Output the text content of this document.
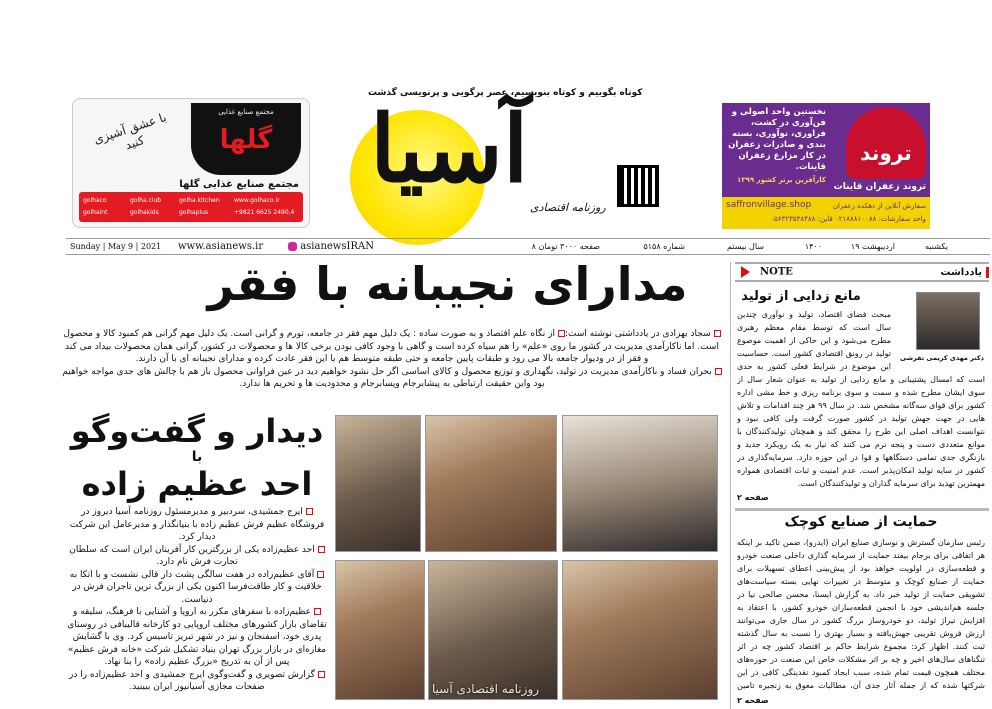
مجتمع صنایع غذایی
گلها
با عشق آشپزی کنید
مجتمع صنایع غذایی گلها
golhaco	golha.club	golha.kitchen	www.golhaco.ir
golhaint	golhakids	golhaplus	+9821 6625 2490,4
کوتاه بگوییم و کوتاه بنویسیم، عصر پرگویی و پرنویسی گذشت
آسیا
روزنامه اقتصادی
نخستین واحد اصولی و فن‌آوری در کشت، فراوری، نوآوری، بسته بندی و صادرات زعفران در کار مزارع زعفران قاینات.
کارآفرین برتر کشور ۱۳۹۹
تروند
تروند زعفران قاینات
سفارش آنلاین از دهکده زعفران
saffronvillage.shop
واحد سفارشات: ۰۲۱۸۸۸۱۰۰۸۸ قاین: ۰۵۶۳۲۳۵۳۸۴۸۸
یکشنبه
۱۹ اردیبهشت
۱۴۰۰
سال بیستم
شماره ۵۱۵۸
۸ صفحه ۳۰۰۰ تومان
asianewsIRAN
www.asianews.ir
Sunday | May 9 | 2021
مدارای نجیبانه با فقر
سجاد بهزادی در یادداشتی نوشته است:از نگاه علم اقتصاد و به صورت ساده : یک دلیل مهم فقر در جامعه، تورم و گرانی است. یک دلیل مهم گرانی هم کمبود کالا و محصول است. اما ناکارآمدی مدیریت در کشور ما روی «علم» را هم سیاه کرده است و گاهی با وجود کافی بودن برخی کالا ها و محصولات در کشور، گرانی همان محصولات بیداد می کند و فقر از در ودیوار جامعه بالا می رود و طبقات پایین جامعه و حتی طبقه متوسط هم با این فقر عادت کرده و مدارای نجیبانه ای با آن دارند.
بحران فساد و ناکارآمدی مدیریت در تولید، نگهداری و توزیع محصول و کالای اساسی اگر حل نشود خواهیم دید در عین فراوانی محصول باز هم با چالش های جدی مواجه خواهیم بود واین حقیقت ارتباطی به پیشابرجام وپسابرجام و محدودیت ها و تحریم ها ندارد.
دیدار و گفت‌وگو
با
احد عظیم زاده

ایرج جمشیدی، سردبیر و مدیرمسئول روزنامه آسیا دیروز در فروشگاه عظیم فرش عظیم زاده با بنیانگذار و مدیرعامل این شرکت دیدار کرد.

احد عظیم‌زاده یکی از بزرگترین کار آفرینان ایران است که سلطان تجارت فرش نام دارد.

آقای عظیم‌زاده در هفت سالگی پشت دار قالی نشست و با اتکا به خلاقیت و کار طاقت‌فرسا اکنون یکی از بزرگ ترین تاجران فرش در دنیاست.

عظیم‌زاده با سفرهای مکرر به اروپا و آشنایی با فرهنگ، سلیقه و تقاضای بازار کشورهای مختلف اروپایی دو کارخانه قالیبافی در روستای پدری خود، اسفنجان و نیز در شهر تبریز تاسیس کرد. وی با گشایش مغازه‌ای در بازار بزرگ تهران بنیاد تشکیل شرکت «خانه فرش عظیم» پس از آن به تدریج «بزرگ عظیم زاده» را بنا نهاد.

گزارش تصویری و گفت‌وگوی ایرج جمشیدی و احد عظیم‌زاده را در صفحات مجازی آسیانیوز ایران ببینید.	روزنامه اقتصادی آسیا
NOTE	یادداشت
مانع زدایی از تولید
دکتر مهدی کریمی تفرشی
مبحث فضای اقتصاد، تولید و نوآوری چندین سال است که توسط مقام معظم رهبری مطرح می‌شود و این حاکی از اهمیت موضوع تولید در رونق اقتصادی کشور است. حساسیت این موضوع در شرایط فعلی کشور به حدی است که امسال پشتیبانی و مانع زدایی از تولید به عنوان شعار سال از سوی ایشان مطرح شده و سمت و سوی برنامه ریزی و خط مشی اداره کشور برای قوای سه‌گانه مشخص شد. در سال ۹۹ هر چند اقدامات و تلاش هایی در جهت جهش تولید در کشور صورت گرفت ولی کافی نبود و نتوانست اهداف اصلی این طرح را محقق کند و همچنان تولیدکنندگان با موانع متعددی دست و پنجه نرم می کنند که نیاز به یک رویکرد جدید و بازنگری جدی تمامی دستگاهها و قوا در این حوزه دارد. سرمایه‌گذاری در کشور در سایه تولید امکان‌پذیر است. عدم امنیت و ثبات اقتصادی همواره مهمترین تهدید برای سرمایه گذاران و تولیدکنندگان است.
صفحه ۲
حمایت از صنایع کوچک
رئیس سازمان گسترش و نوسازی صنایع ایران (ایدرو)، ضمن تاکید بر اینکه هر اتفاقی برای برجام بیفتد حمایت از سرمایه گذاری داخلی صنعت خودرو و قطعه‌سازی در اولویت خواهد بود از پیش‌بینی اعطای تسهیلات برای حمایت از صنایع کوچک و متوسط در تغییرات نهایی بسته سیاست‌های تشویقی حمایت از تولید خبر داد. به گزارش ایسنا، محسن صالحی نیا در جلسه هم‌اندیشی خود با انجمن قطعه‌سازان خودرو کشور، با اعتقاد به افزایش تیراژ تولید، دو خودروساز بزرگ کشور در سال جاری می‌توانند ارزش فروش تقریبی جهش‌یافته و بسیار بهتری را نسبت به سال گذشته ثبت کنند. اظهار کرد: مجموع شرایط حاکم بر اقتصاد کشور چه در اثر تنگناهای سال‌های اخیر و چه بر اثر مشکلات خاص این صنعت در حوزه‌های مختلف همچون قیمت تمام شده، سبب ایجاد کمبود نقدینگی کافی در این شرکتها شده که از جمله آثار جدی آن، مطالبات معوق به زنجیره تامین
صفحه ۲
